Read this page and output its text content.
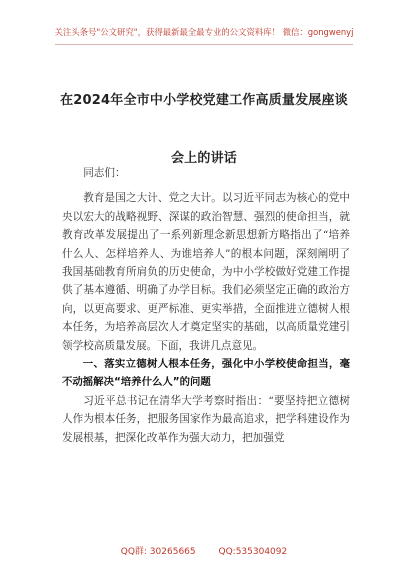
关注头条号"公文研究"，获得最新最全最专业的公文资料库！ 微信：gongwenyj
在2024年全市中小学校党建工作高质量发展座谈会上的讲话

同志们：

教育是国之大计、党之大计。以习近平同志为核心的党中央以宏大的战略视野、深谋的政治智慧、强烈的使命担当，就教育改革发展提出了一系列新理念新思想新方略指出了“培养什么人、怎样培养人、为谁培养人”的根本问题，深刻阐明了我国基础教育所肩负的历史使命，为中小学校做好党建工作提供了基本遵循、明确了办学目标。我们必须坚定正确的政治方向，以更高要求、更严标准、更实举措，全面推进立德树人根本任务，为培养高层次人才奠定坚实的基础，以高质量党建引领学校高质量发展。下面，我讲几点意见。

一、落实立德树人根本任务，强化中小学校使命担当，毫不动摇解决“培养什么人”的问题

习近平总书记在清华大学考察时指出：“要坚持把立德树人作为根本任务，把服务国家作为最高追求，把学科建设作为发展根基，把深化改革作为强大动力，把加强党

QQ群: 30265665	QQ:535304092
